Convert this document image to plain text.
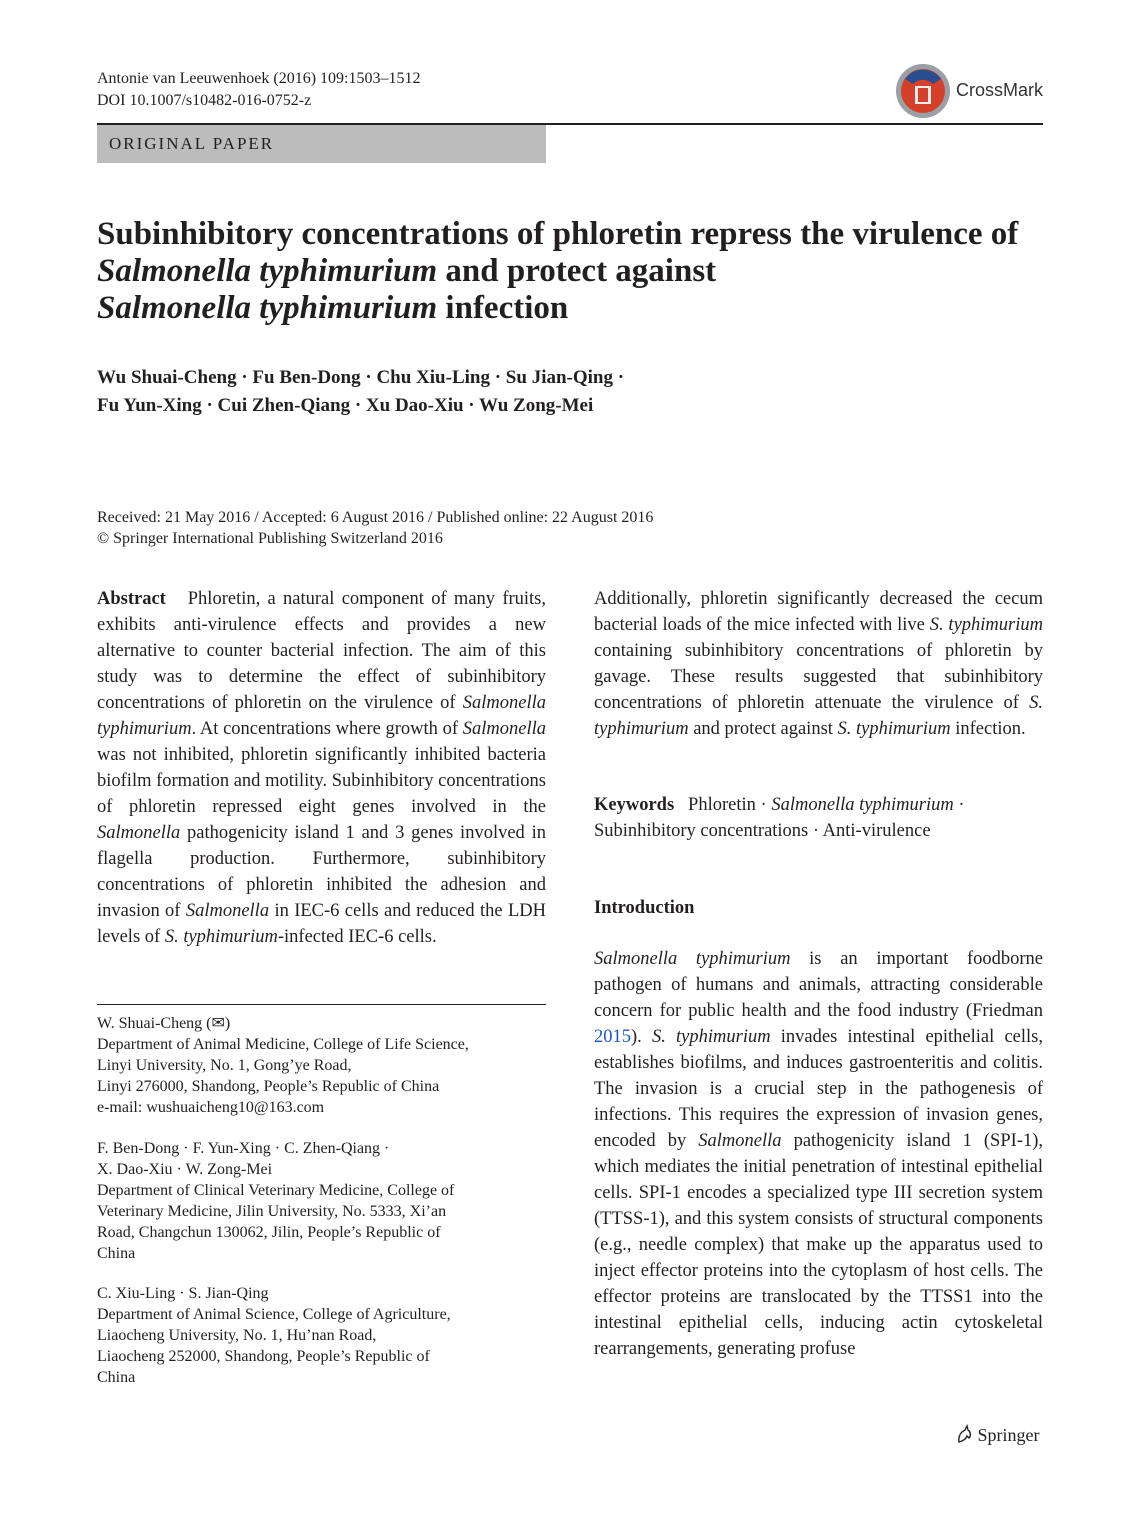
Antonie van Leeuwenhoek (2016) 109:1503–1512
DOI 10.1007/s10482-016-0752-z
CrossMark
ORIGINAL PAPER
Subinhibitory concentrations of phloretin repress the virulence of Salmonella typhimurium and protect against
Salmonella typhimurium infection
Wu Shuai-Cheng · Fu Ben-Dong · Chu Xiu-Ling · Su Jian-Qing ·
Fu Yun-Xing · Cui Zhen-Qiang · Xu Dao-Xiu · Wu Zong-Mei
Received: 21 May 2016 / Accepted: 6 August 2016 / Published online: 22 August 2016
© Springer International Publishing Switzerland 2016

Abstract Phloretin, a natural component of many fruits, exhibits anti-virulence effects and provides a new alternative to counter bacterial infection. The aim of this study was to determine the effect of subinhibitory concentrations of phloretin on the virulence of Salmonella typhimurium. At concentrations where growth of Salmonella was not inhibited, phloretin significantly inhibited bacteria biofilm formation and motility. Subinhibitory concentrations of phloretin repressed eight genes involved in the Salmonella pathogenicity island 1 and 3 genes involved in flagella production. Furthermore, subinhibitory concentrations of phloretin inhibited the adhesion and invasion of Salmonella in IEC-6 cells and reduced the LDH levels of S. typhimurium-infected IEC-6 cells.

Additionally, phloretin significantly decreased the cecum bacterial loads of the mice infected with live S. typhimurium containing subinhibitory concentrations of phloretin by gavage. These results suggested that subinhibitory concentrations of phloretin attenuate the virulence of S. typhimurium and protect against S. typhimurium infection.

Keywords Phloretin · Salmonella typhimurium ·
Subinhibitory concentrations · Anti-virulence
Introduction

Salmonella typhimurium is an important foodborne pathogen of humans and animals, attracting considerable concern for public health and the food industry (Friedman 2015). S. typhimurium invades intestinal epithelial cells, establishes biofilms, and induces gastroenteritis and colitis. The invasion is a crucial step in the pathogenesis of infections. This requires the expression of invasion genes, encoded by Salmonella pathogenicity island 1 (SPI-1), which mediates the initial penetration of intestinal epithelial cells. SPI-1 encodes a specialized type III secretion system (TTSS-1), and this system consists of structural components (e.g., needle complex) that make up the apparatus used to inject effector proteins into the cytoplasm of host cells. The effector proteins are translocated by the TTSS1 into the intestinal epithelial cells, inducing actin cytoskeletal rearrangements, generating profuse

W. Shuai-Cheng (✉)
Department of Animal Medicine, College of Life Science,
Linyi University, No. 1, Gong’ye Road,
Linyi 276000, Shandong, People’s Republic of China
e-mail: wushuaicheng10@163.com
F. Ben-Dong · F. Yun-Xing · C. Zhen-Qiang ·
X. Dao-Xiu · W. Zong-Mei
Department of Clinical Veterinary Medicine, College of
Veterinary Medicine, Jilin University, No. 5333, Xi’an
Road, Changchun 130062, Jilin, People’s Republic of
China
C. Xiu-Ling · S. Jian-Qing
Department of Animal Science, College of Agriculture,
Liaocheng University, No. 1, Hu’nan Road,
Liaocheng 252000, Shandong, People’s Republic of
China
Springer
